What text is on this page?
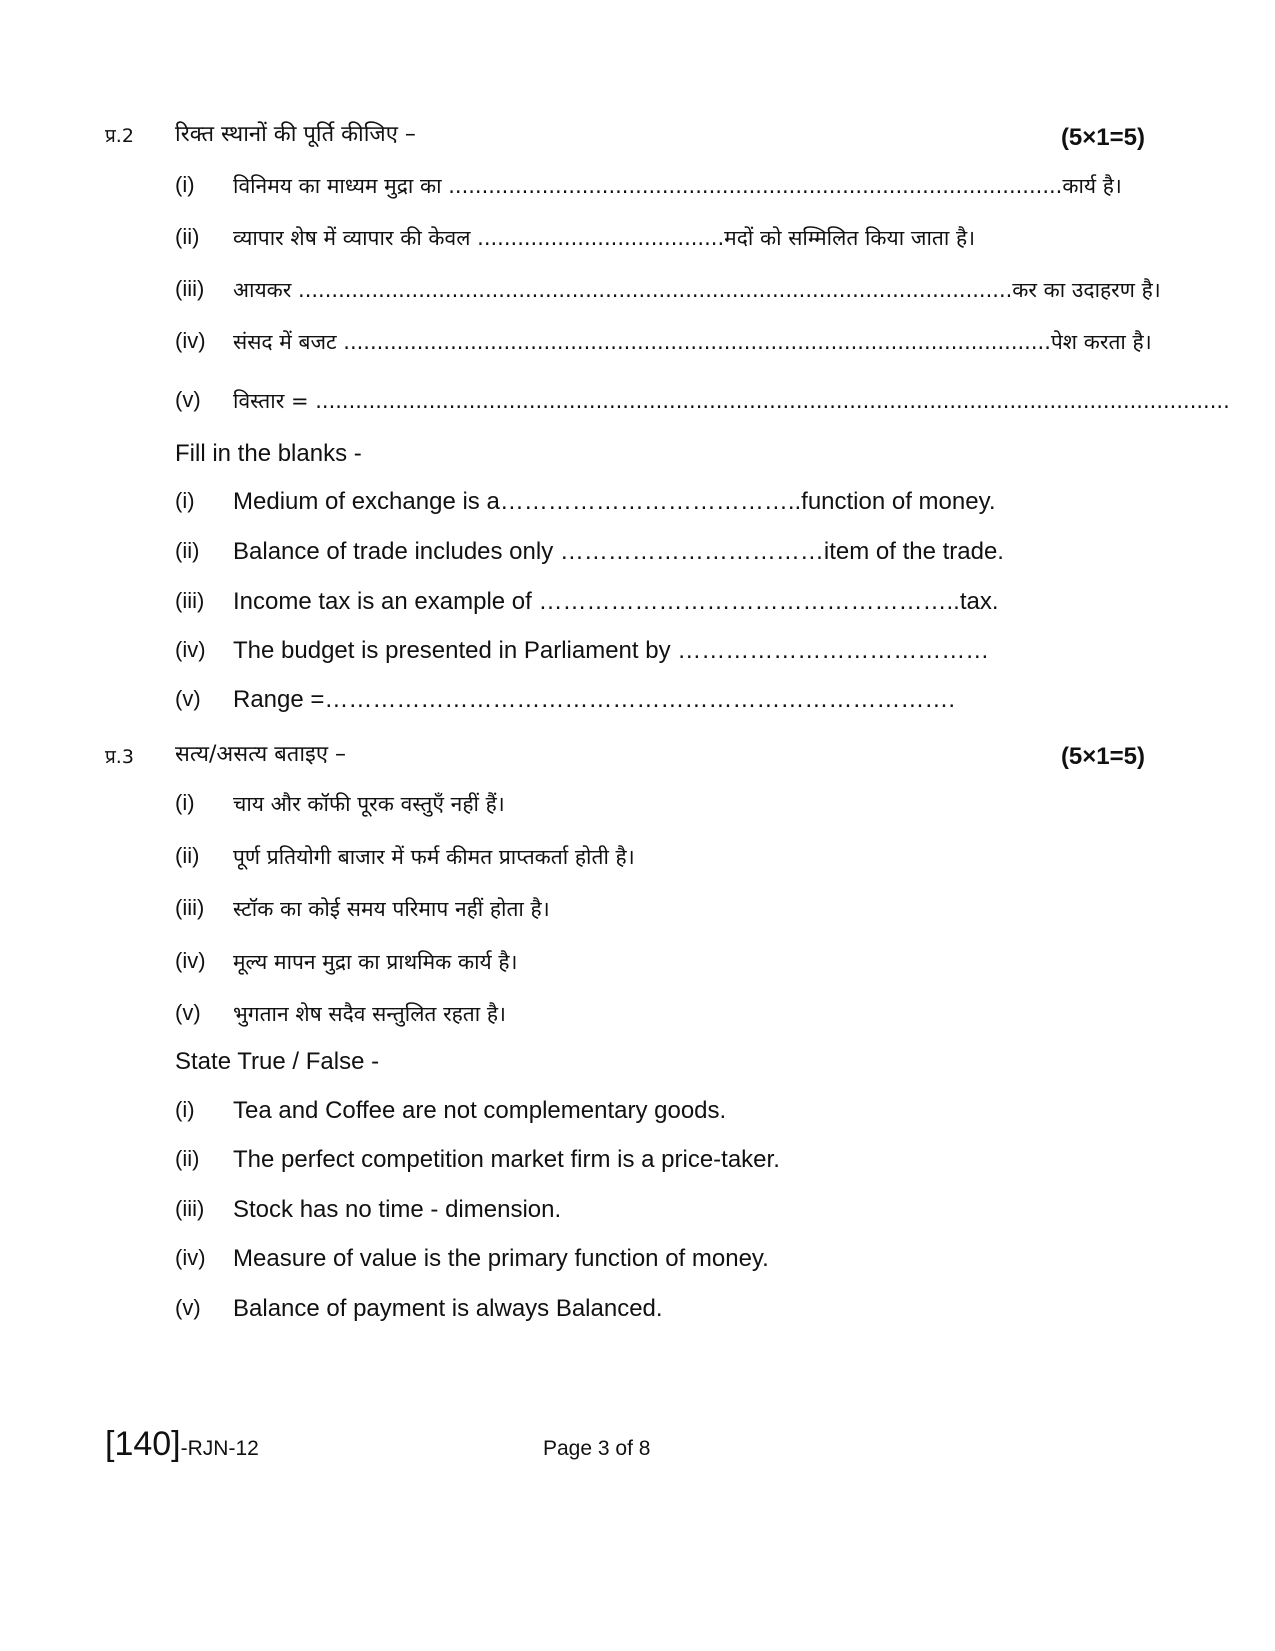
प्र.2 रिक्त स्थानों की पूर्ति कीजिए –	(5×1=5)
(i) विनिमय का माध्यम मुद्रा का ............................................................................................कार्य है।
(ii) व्यापार शेष में व्यापार की केवल .....................................मदों को सम्मिलित किया जाता है।
(iii) आयकर ...........................................................................................................कर का उदाहरण है।
(iv) संसद में बजट ..........................................................................................................पेश करता है।
(v) विस्तार = .........................................................................................................................................
Fill in the blanks -
(i) Medium of exchange is a………………………………..function of money.
(ii) Balance of trade includes only ……………………………item of the trade.
(iii) Income tax is an example of ……………………………………………..tax.
(iv) The budget is presented in Parliament by …………………………………
(v) Range =…………………………………………………………………….
प्र.3 सत्य/असत्य बताइए –	(5×1=5)
(i) चाय और कॉफी पूरक वस्तुएँ नहीं हैं।
(ii) पूर्ण प्रतियोगी बाजार में फर्म कीमत प्राप्तकर्ता होती है।
(iii) स्टॉक का कोई समय परिमाप नहीं होता है।
(iv) मूल्य मापन मुद्रा का प्राथमिक कार्य है।
(v) भुगतान शेष सदैव सन्तुलित रहता है।
State True / False -
(i) Tea and Coffee are not complementary goods.
(ii) The perfect competition market firm is a price-taker.
(iii) Stock has no time - dimension.
(iv) Measure of value is the primary function of money.
(v) Balance of payment is always Balanced.
[140]-RJN-12	Page 3 of 8
